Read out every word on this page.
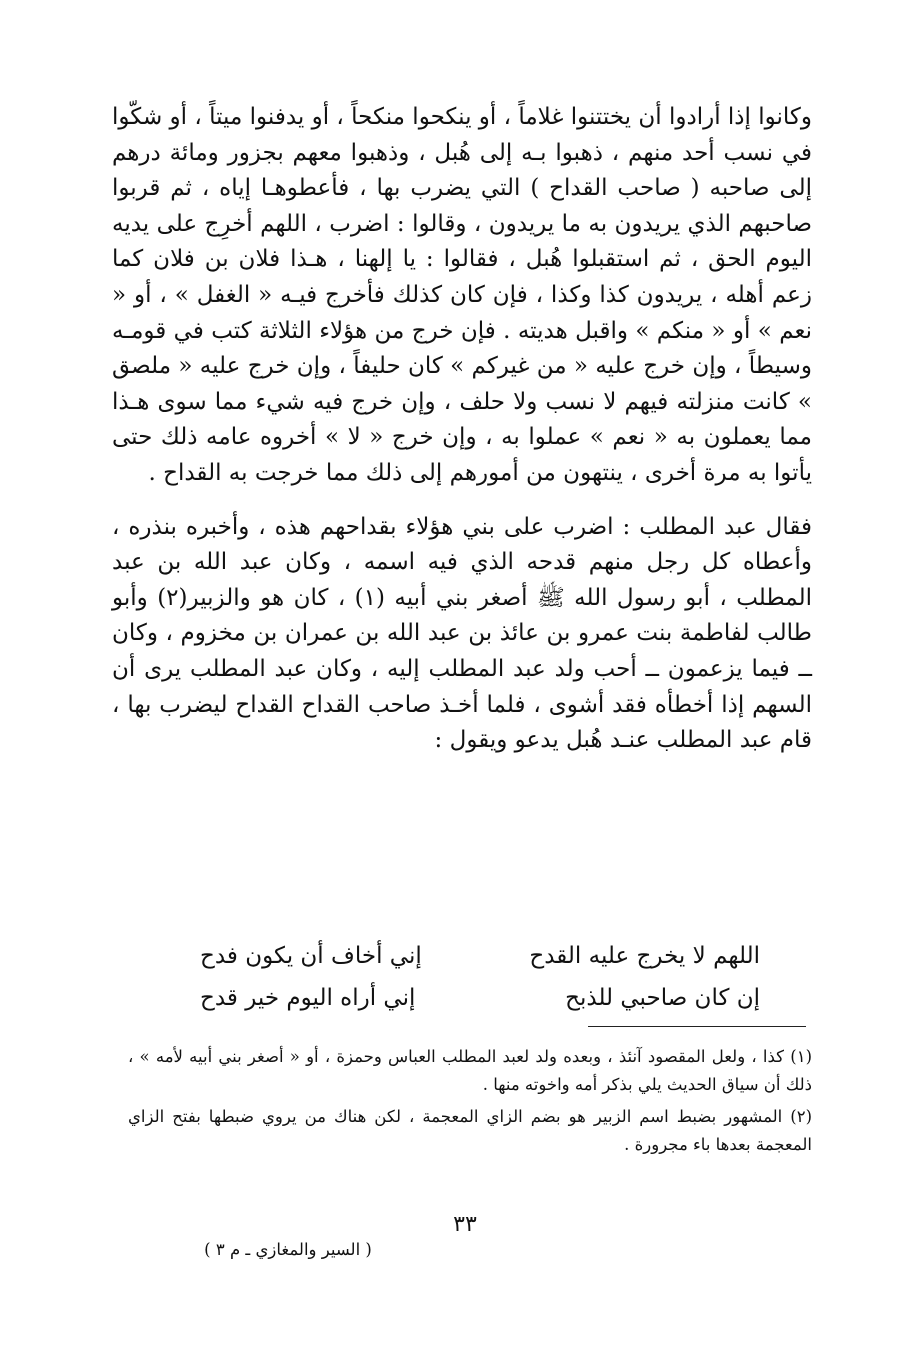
وكانوا إذا أرادوا أن يختتنوا غلاماً ، أو ينكحوا منكحاً ، أو يدفنوا ميتاً ، أو شكّوا في نسب أحد منهم ، ذهبوا بـه إلى هُبل ، وذهبوا معهم بجزور ومائة درهم إلى صاحبه ( صاحب القداح ) التي يضرب بها ، فأعطوهـا إياه ، ثم قربوا صاحبهم الذي يريدون به ما يريدون ، وقالوا : اضرب ، اللهم أخرِج على يديه اليوم الحق ، ثم استقبلوا هُبل ، فقالوا : يا إلهنا ، هـذا فلان بن فلان كما زعم أهله ، يريدون كذا وكذا ، فإن كان كذلك فأخرج فيـه « الغفل » ، أو « نعم » أو « منكم » واقبل هديته . فإن خرج من هؤلاء الثلاثة كتب في قومـه وسيطاً ، وإن خرج عليه « من غيركم » كان حليفاً ، وإن خرج عليه « ملصق » كانت منزلته فيهم لا نسب ولا حلف ، وإن خرج فيه شيء مما سوى هـذا مما يعملون به « نعم » عملوا به ، وإن خرج « لا » أخروه عامه ذلك حتى يأتوا به مرة أخرى ، ينتهون من أمورهم إلى ذلك مما خرجت به القداح .

فقال عبد المطلب : اضرب على بني هؤلاء بقداحهم هذه ، وأخبره بنذره ، وأعطاه كل رجل منهم قدحه الذي فيه اسمه ، وكان عبد الله بن عبد المطلب ، أبو رسول الله ﷺ أصغر بني أبيه (١) ، كان هو والزبير(٢) وأبو طالب لفاطمة بنت عمرو بن عائذ بن عبد الله بن عمران بن مخزوم ، وكان ــ فيما يزعمون ــ أحب ولد عبد المطلب إليه ، وكان عبد المطلب يرى أن السهم إذا أخطأه فقد أشوى ، فلما أخـذ صاحب القداح القداح ليضرب بها ، قام عبد المطلب عنـد هُبل يدعو ويقول :

اللهم لا يخرج عليه القدح
إني أخاف أن يكون فدح
إن كان صاحبي للذبح
إني أراه اليوم خير قدح

(١) كذا ، ولعل المقصود آنئذ ، وبعده ولد لعبد المطلب العباس وحمزة ، أو « أصغر بني أبيه لأمه » ، ذلك أن سياق الحديث يلي بذكر أمه واخوته منها .

(٢) المشهور بضبط اسم الزبير هو بضم الزاي المعجمة ، لكن هناك من يروي ضبطها بفتح الزاي المعجمة بعدها باء مجرورة .

٣٣
( السير والمغازي ـ م ٣ )
